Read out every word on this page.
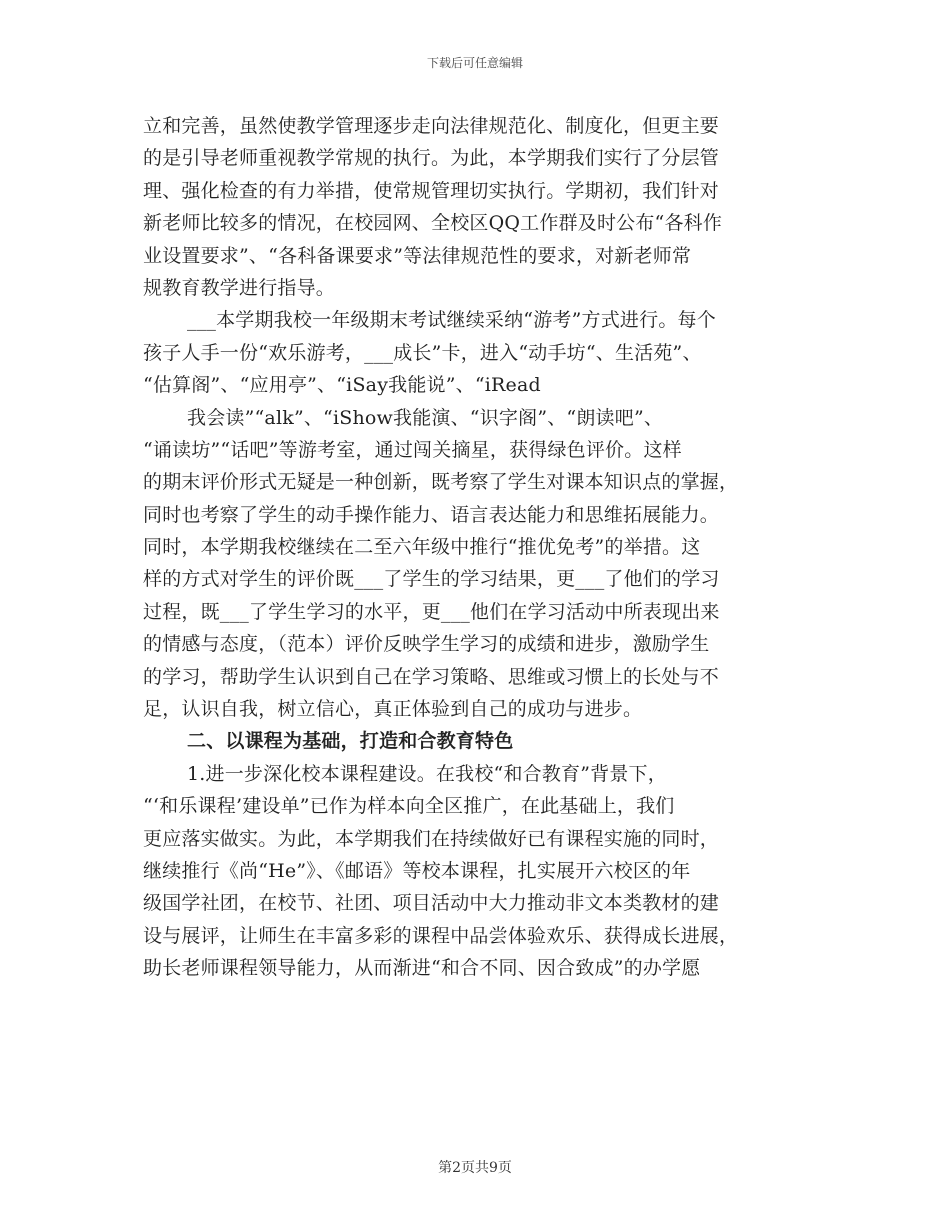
下载后可任意编辑
立和完善，虽然使教学管理逐步走向法律规范化、制度化，但更主要
的是引导老师重视教学常规的执行。为此，本学期我们实行了分层管
理、强化检查的有力举措，使常规管理切实执行。学期初，我们针对
新老师比较多的情况，在校园网、全校区QQ工作群及时公布“各科作
业设置要求”、“各科备课要求”等法律规范性的要求，对新老师常
规教育教学进行指导。
___本学期我校一年级期末考试继续采纳“游考”方式进行。每个
孩子人手一份“欢乐游考，___成长”卡，进入“动手坊“、生活苑”、
“估算阁”、“应用亭”、“iSay我能说”、“iRead
我会读”“alk”、“iShow我能演、“识字阁”、“朗读吧”、
“诵读坊”“话吧”等游考室，通过闯关摘星，获得绿色评价。这样
的期末评价形式无疑是一种创新，既考察了学生对课本知识点的掌握，
同时也考察了学生的动手操作能力、语言表达能力和思维拓展能力。
同时，本学期我校继续在二至六年级中推行“推优免考”的举措。这
样的方式对学生的评价既___了学生的学习结果，更___了他们的学习
过程，既___了学生学习的水平，更___他们在学习活动中所表现出来
的情感与态度，（范本）评价反映学生学习的成绩和进步，激励学生
的学习，帮助学生认识到自己在学习策略、思维或习惯上的长处与不
足，认识自我，树立信心，真正体验到自己的成功与进步。
二、以课程为基础，打造和合教育特色
1.进一步深化校本课程建设。在我校“和合教育”背景下，
“‘和乐课程’建设单”已作为样本向全区推广，在此基础上，我们
更应落实做实。为此，本学期我们在持续做好已有课程实施的同时，
继续推行《尚“He”》、《邮语》等校本课程，扎实展开六校区的年
级国学社团，在校节、社团、项目活动中大力推动非文本类教材的建
设与展评，让师生在丰富多彩的课程中品尝体验欢乐、获得成长进展，
助长老师课程领导能力，从而渐进“和合不同、因合致成”的办学愿
第2页共9页
